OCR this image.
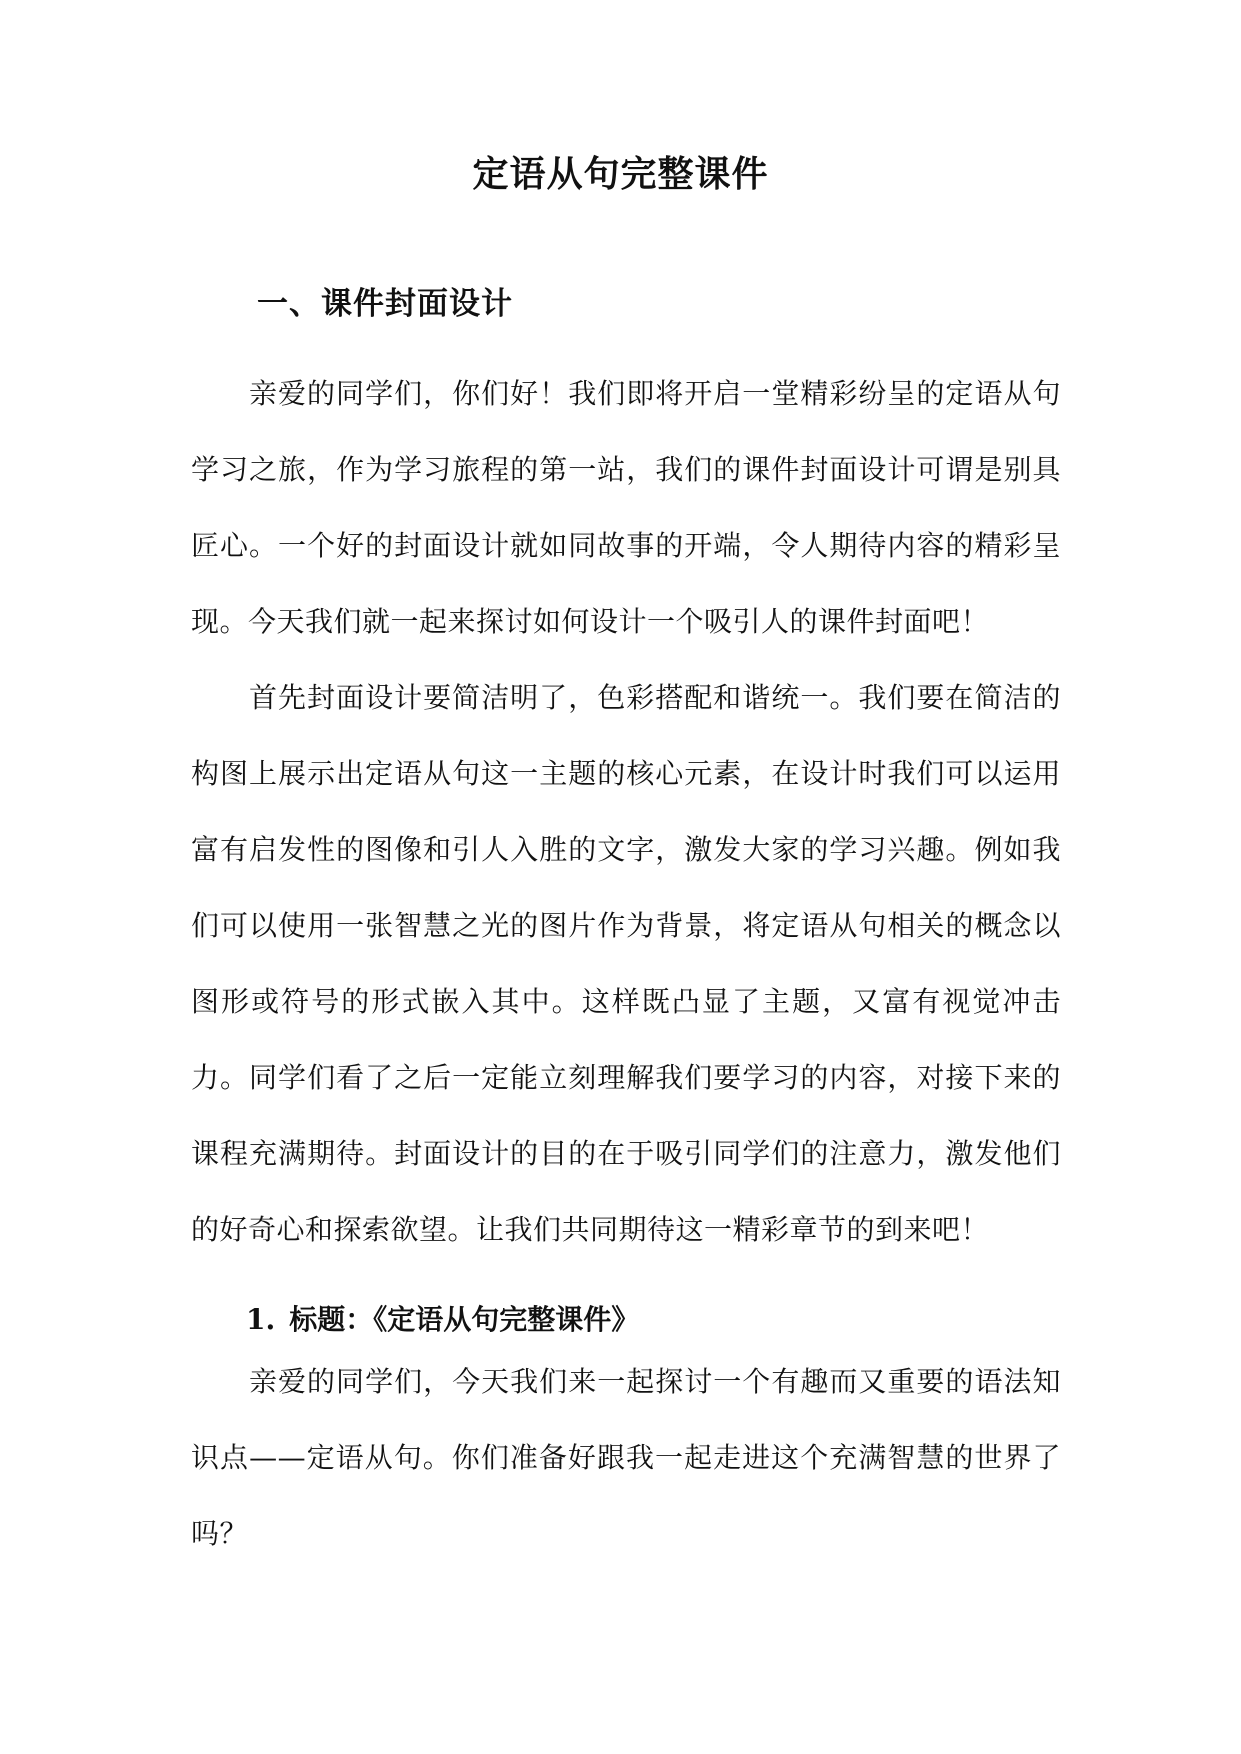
定语从句完整课件
一、课件封面设计

亲爱的同学们，你们好！我们即将开启一堂精彩纷呈的定语从句学习之旅，作为学习旅程的第一站，我们的课件封面设计可谓是别具匠心。一个好的封面设计就如同故事的开端，令人期待内容的精彩呈现。今天我们就一起来探讨如何设计一个吸引人的课件封面吧！

首先封面设计要简洁明了，色彩搭配和谐统一。我们要在简洁的构图上展示出定语从句这一主题的核心元素，在设计时我们可以运用富有启发性的图像和引人入胜的文字，激发大家的学习兴趣。例如我们可以使用一张智慧之光的图片作为背景，将定语从句相关的概念以图形或符号的形式嵌入其中。这样既凸显了主题，又富有视觉冲击力。同学们看了之后一定能立刻理解我们要学习的内容，对接下来的课程充满期待。封面设计的目的在于吸引同学们的注意力，激发他们的好奇心和探索欲望。让我们共同期待这一精彩章节的到来吧！

1. 标题：《定语从句完整课件》

亲爱的同学们，今天我们来一起探讨一个有趣而又重要的语法知识点——定语从句。你们准备好跟我一起走进这个充满智慧的世界了吗？
